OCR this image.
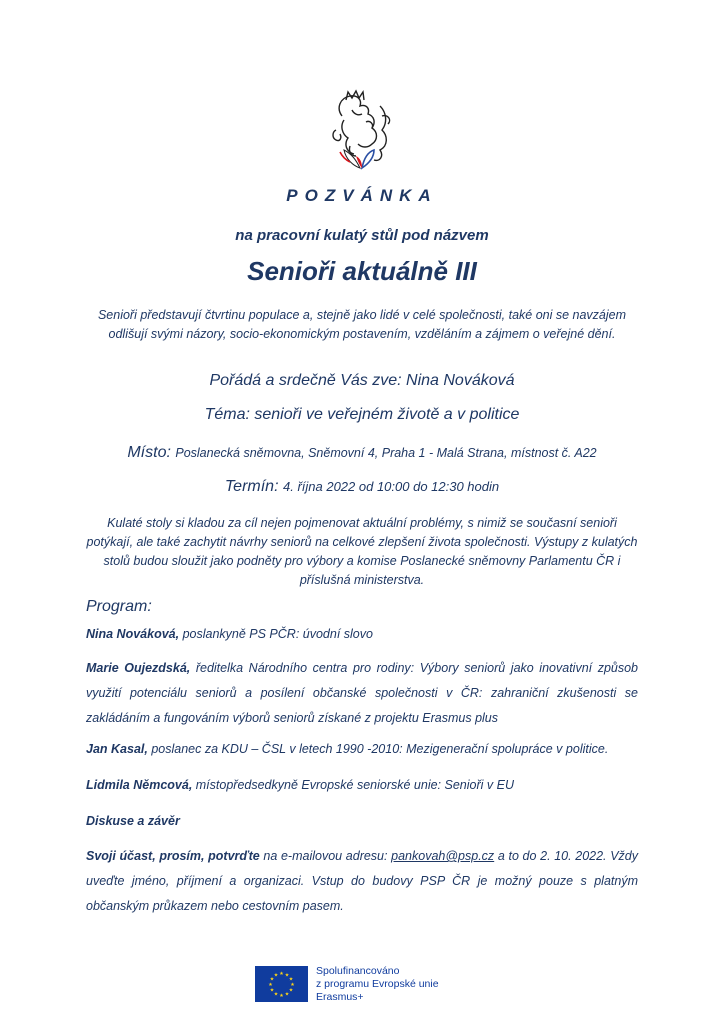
POZVÁNKA
na pracovní kulatý stůl pod názvem
Senioři aktuálně III
Senioři představují čtvrtinu populace a, stejně jako lidé v celé společnosti, také oni se navzájem odlišují svými názory, socio-ekonomickým postavením, vzděláním a zájmem o veřejné dění.
Pořádá a srdečně Vás zve: Nina Nováková
Téma: senioři ve veřejném životě a v politice
Místo: Poslanecká sněmovna, Sněmovní 4, Praha 1 - Malá Strana, místnost č. A22
Termín: 4. října 2022 od 10:00 do 12:30 hodin
Kulaté stoly si kladou za cíl nejen pojmenovat aktuální problémy, s nimiž se současní senioři potýkají, ale také zachytit návrhy seniorů na celkové zlepšení života společnosti. Výstupy z kulatých stolů budou sloužit jako podněty pro výbory a komise Poslanecké sněmovny Parlamentu ČR i příslušná ministerstva.
Program:
Nina Nováková, poslankyně PS PČR: úvodní slovo
Marie Oujezdská, ředitelka Národního centra pro rodiny: Výbory seniorů jako inovativní způsob využití potenciálu seniorů a posílení občanské společnosti v ČR: zahraniční zkušenosti se zakládáním a fungováním výborů seniorů získané z projektu Erasmus plus
Jan Kasal, poslanec za KDU – ČSL v letech 1990 -2010: Mezigenerační spolupráce v politice.
Lidmila Němcová, místopředsedkyně Evropské seniorské unie: Senioři v EU
Diskuse a závěr
Svoji účast, prosím, potvrďte na e-mailovou adresu: pankovah@psp.cz a to do 2. 10. 2022. Vždy uveďte jméno, příjmení a organizaci. Vstup do budovy PSP ČR je možný pouze s platným občanským průkazem nebo cestovním pasem.
★ ★
★
★
★
★
★
★
★
★
★
★	Spolufinancováno
z programu Evropské unie
Erasmus+
